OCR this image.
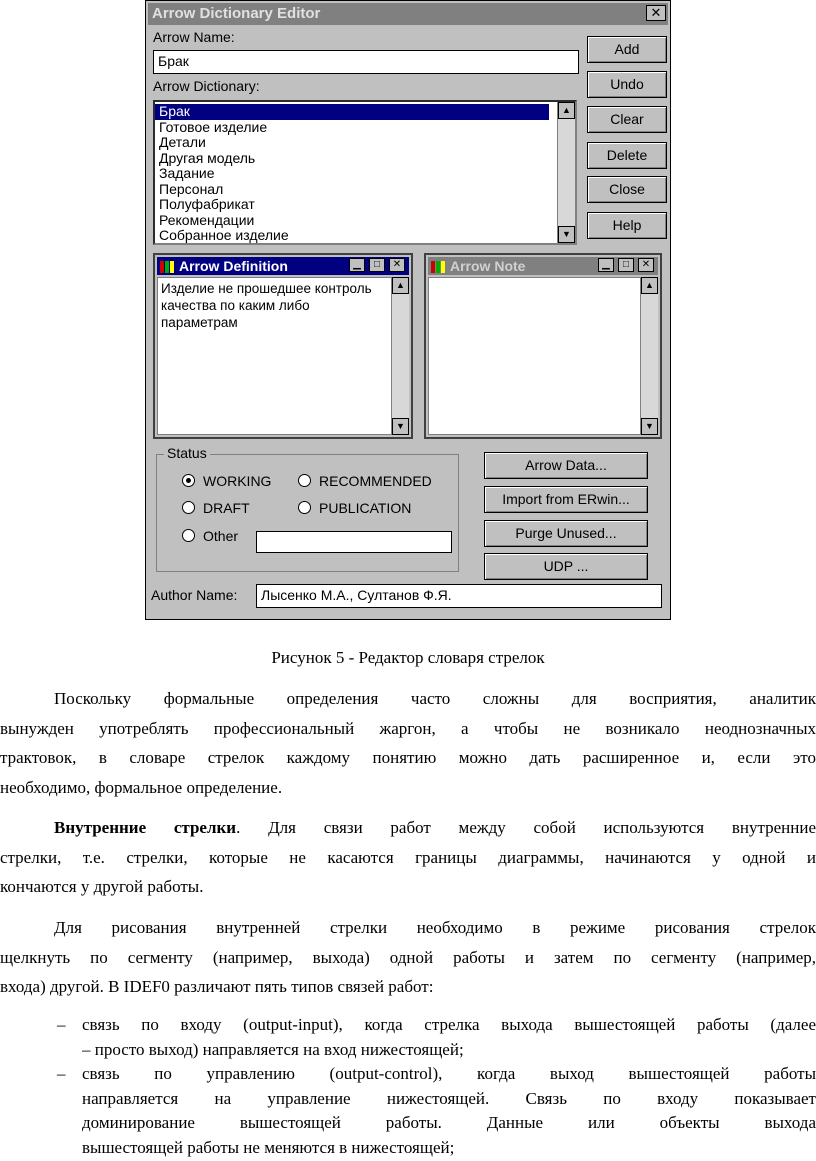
Arrow Dictionary Editor	✕
Arrow Name:
Брак
Arrow Dictionary:
Брак
Готовое изделие
Детали
Другая модель
Задание
Персонал
Полуфабрикат
Рекомендации
Собранное изделие
▲
▼
Add
Undo
Clear
Delete
Close
Help
Arrow Definition	▁	□	✕
Изделие не прошедшее контроль качества по каким либо параметрам
▲
▼
Arrow Note	▁	□	✕
▲
▼
Status
WORKING	RECOMMENDED
DRAFT	PUBLICATION
Other
Arrow Data...
Import from ERwin...
Purge Unused...
UDP ...
Author Name:	Лысенко М.А., Султанов Ф.Я.
Рисунок 5 - Редактор словаря стрелок
Поскольку формальные определения часто сложны для восприятия, аналитик
вынужден употреблять профессиональный жаргон, а чтобы не возникало неоднозначных
трактовок, в словаре стрелок каждому понятию можно дать расширенное и, если это
необходимо, формальное определение.
Внутренние стрелки. Для связи работ между собой используются внутренние
стрелки, т.е. стрелки, которые не касаются границы диаграммы, начинаются у одной и
кончаются у другой работы.
Для рисования внутренней стрелки необходимо в режиме рисования стрелок
щелкнуть по сегменту (например, выхода) одной работы и затем по сегменту (например,
входа) другой. В IDEF0 различают пять типов связей работ:
– связь по входу (output-input), когда стрелка выхода вышестоящей работы (далее
– просто выход) направляется на вход нижестоящей;
– связь по управлению (output-control), когда выход вышестоящей работы
направляется на управление нижестоящей. Связь по входу показывает
доминирование вышестоящей работы. Данные или объекты выхода
вышестоящей работы не меняются в нижестоящей;
